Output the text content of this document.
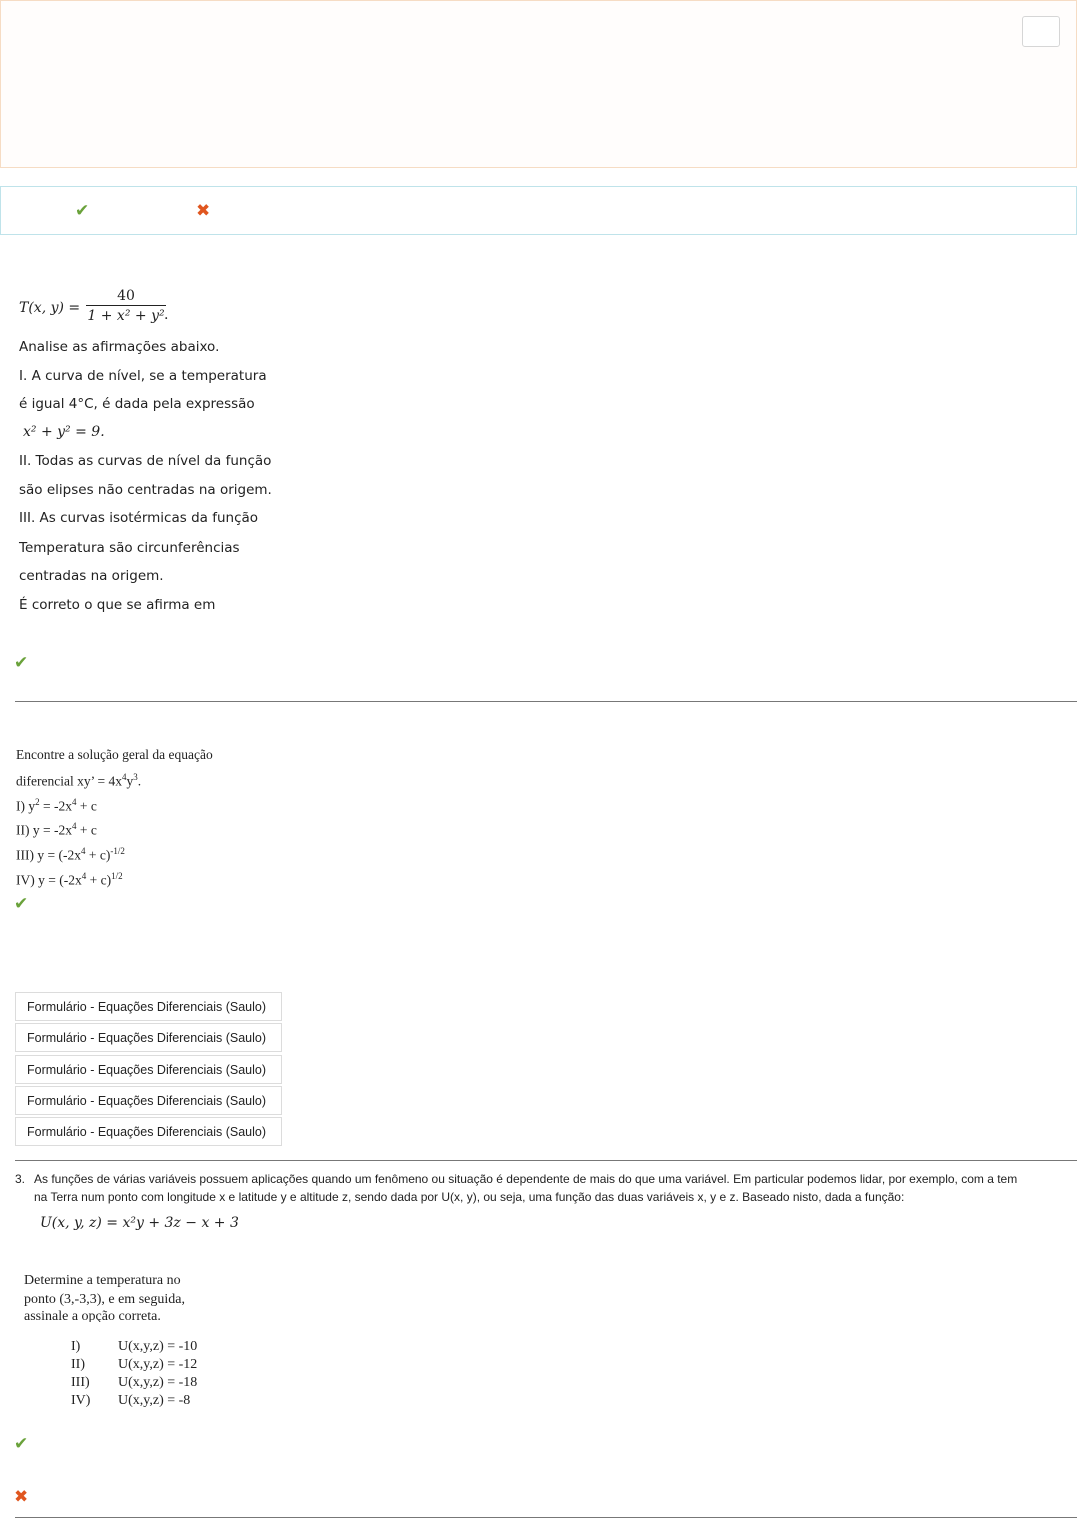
✔	✖
T(x, y) =
40
1 + x² + y² .
Analise as afirmações abaixo.
I. A curva de nível, se a temperatura
é igual 4°C, é dada pela expressão
x² + y² = 9.
II. Todas as curvas de nível da função
são elipses não centradas na origem.
III. As curvas isotérmicas da função
Temperatura são circunferências
centradas na origem.
É correto o que se afirma em
✔
Encontre a solução geral da equação
diferencial xy’ = $4x^4y^3$.
I) $y^2 = -2x^4 + c$
II) $y = -2x^4 + c$
III) $y = (-2x^4 + c)^{-1/2}$
IV) $y = (-2x^4 + c)^{1/2}$
✔
Formulário - Equações Diferenciais (Saulo)
Formulário - Equações Diferenciais (Saulo)
Formulário - Equações Diferenciais (Saulo)
Formulário - Equações Diferenciais (Saulo)
Formulário - Equações Diferenciais (Saulo)
3. As funções de várias variáveis possuem aplicações quando um fenômeno ou situação é dependente de mais do que uma variável. Em particular podemos lidar, por exemplo, com a tem
na Terra num ponto com longitude x e latitude y e altitude z, sendo dada por U(x, y), ou seja, uma função das duas variáveis x, y e z. Baseado nisto, dada a função:
U(x, y, z) = x²y + 3z − x + 3
Determine a temperatura no
ponto (3,-3,3), e em seguida,
assinale a opção correta.
I)	U(x,y,z) = -10
II) U(x,y,z) = -12
III) U(x,y,z) = -18
IV) U(x,y,z) = -8
✔
✖
